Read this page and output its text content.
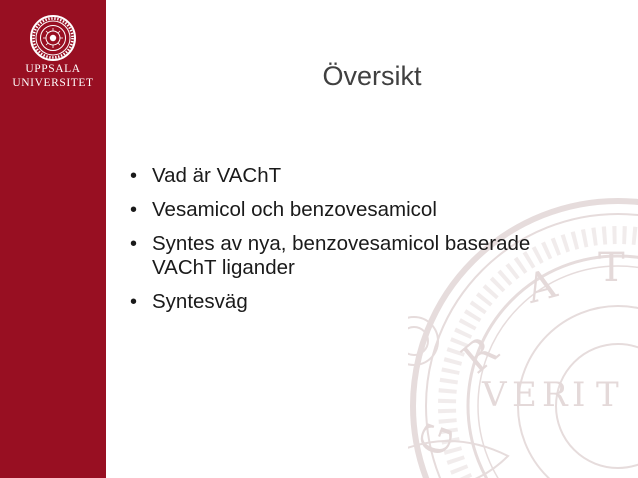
UPPSALA
UNIVERSITET
G
R
A T
V E R I T
Översikt
• Vad är VAChT
• Vesamicol och benzovesamicol
• Syntes av nya, benzovesamicol baserade VAChT ligander
• Syntesväg
